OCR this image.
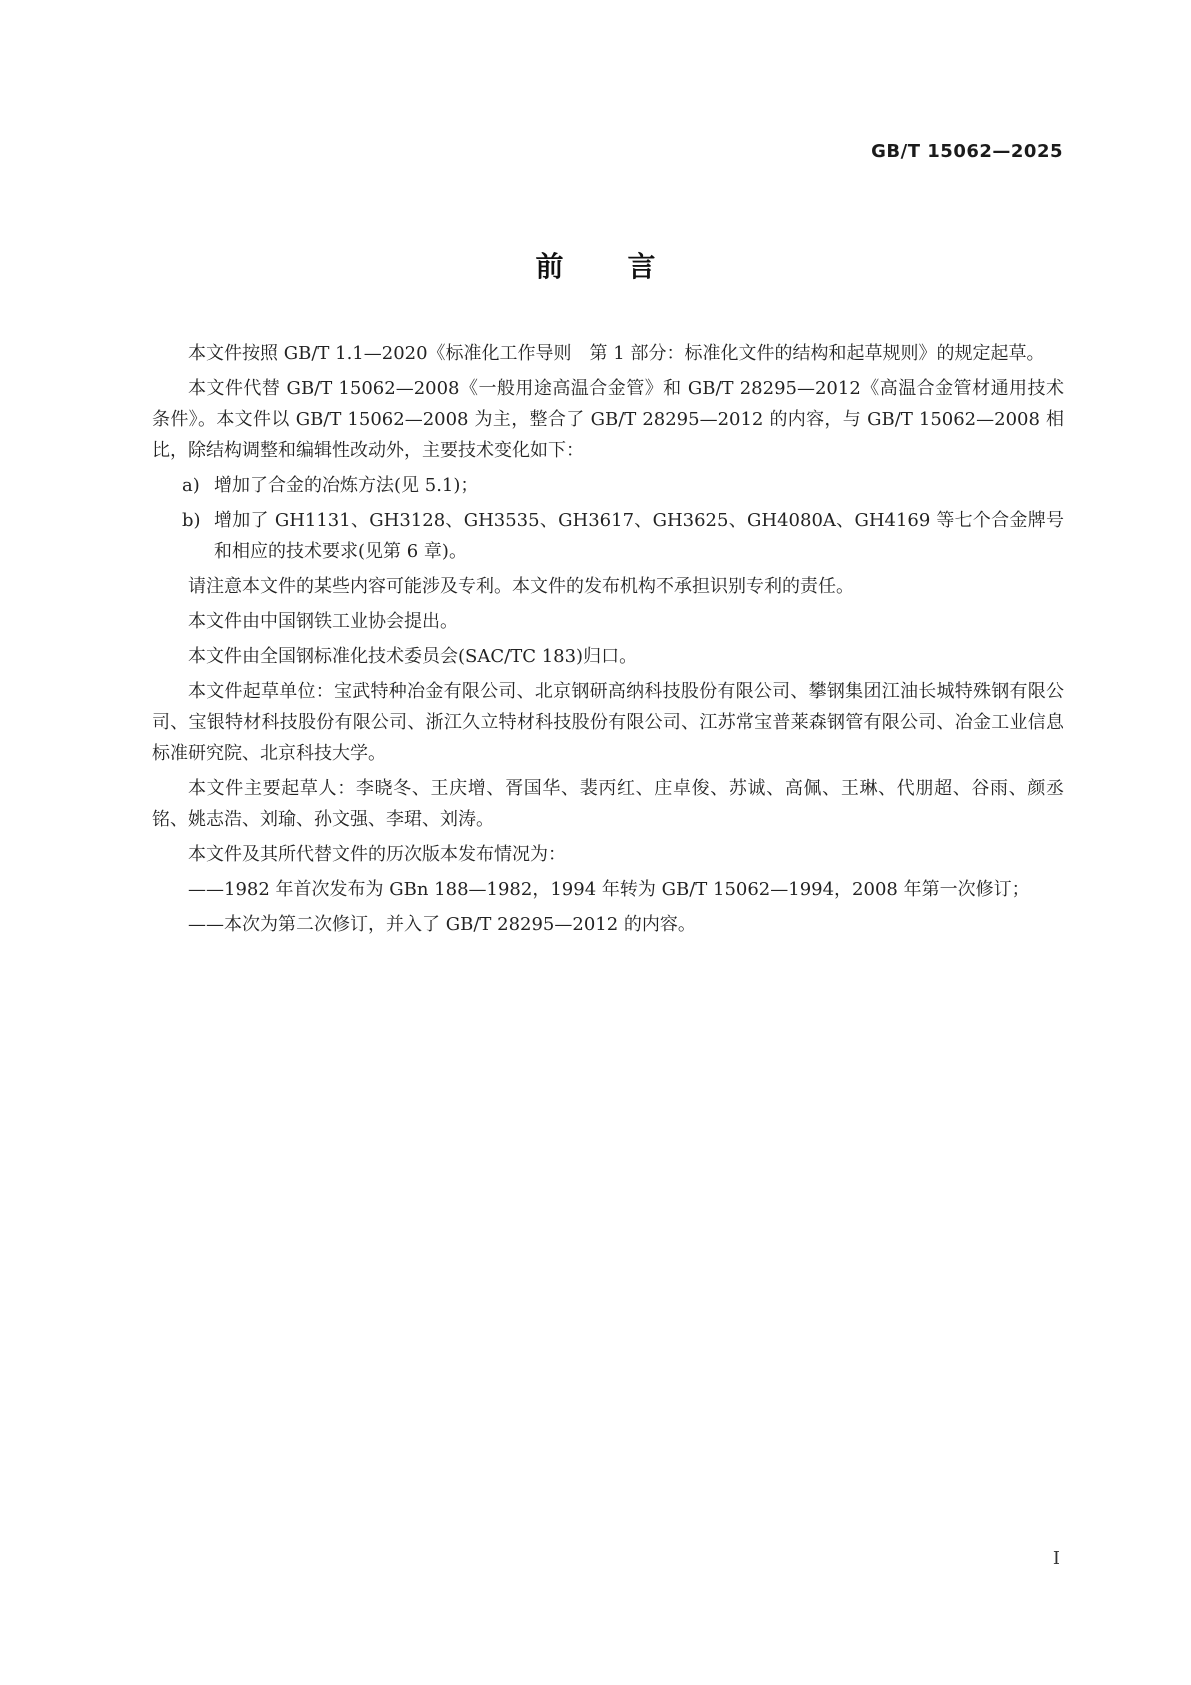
GB/T 15062—2025
前 言

本文件按照 GB/T 1.1—2020《标准化工作导则　第 1 部分：标准化文件的结构和起草规则》的规定起草。

本文件代替 GB/T 15062—2008《一般用途高温合金管》和 GB/T 28295—2012《高温合金管材通用技术条件》。本文件以 GB/T 15062—2008 为主，整合了 GB/T 28295—2012 的内容，与 GB/T 15062—2008 相比，除结构调整和编辑性改动外，主要技术变化如下：

a) 增加了合金的冶炼方法(见 5.1)；
b) 增加了 GH1131、GH3128、GH3535、GH3617、GH3625、GH4080A、GH4169 等七个合金牌号和相应的技术要求(见第 6 章)。

请注意本文件的某些内容可能涉及专利。本文件的发布机构不承担识别专利的责任。

本文件由中国钢铁工业协会提出。

本文件由全国钢标准化技术委员会(SAC/TC 183)归口。

本文件起草单位：宝武特种冶金有限公司、北京钢研高纳科技股份有限公司、攀钢集团江油长城特殊钢有限公司、宝银特材科技股份有限公司、浙江久立特材科技股份有限公司、江苏常宝普莱森钢管有限公司、冶金工业信息标准研究院、北京科技大学。

本文件主要起草人：李晓冬、王庆增、胥国华、裴丙红、庄卓俊、苏诚、高佩、王琳、代朋超、谷雨、颜丞铭、姚志浩、刘瑜、孙文强、李珺、刘涛。

本文件及其所代替文件的历次版本发布情况为：

——1982 年首次发布为 GBn 188—1982，1994 年转为 GB/T 15062—1994，2008 年第一次修订；
——本次为第二次修订，并入了 GB/T 28295—2012 的内容。
I
